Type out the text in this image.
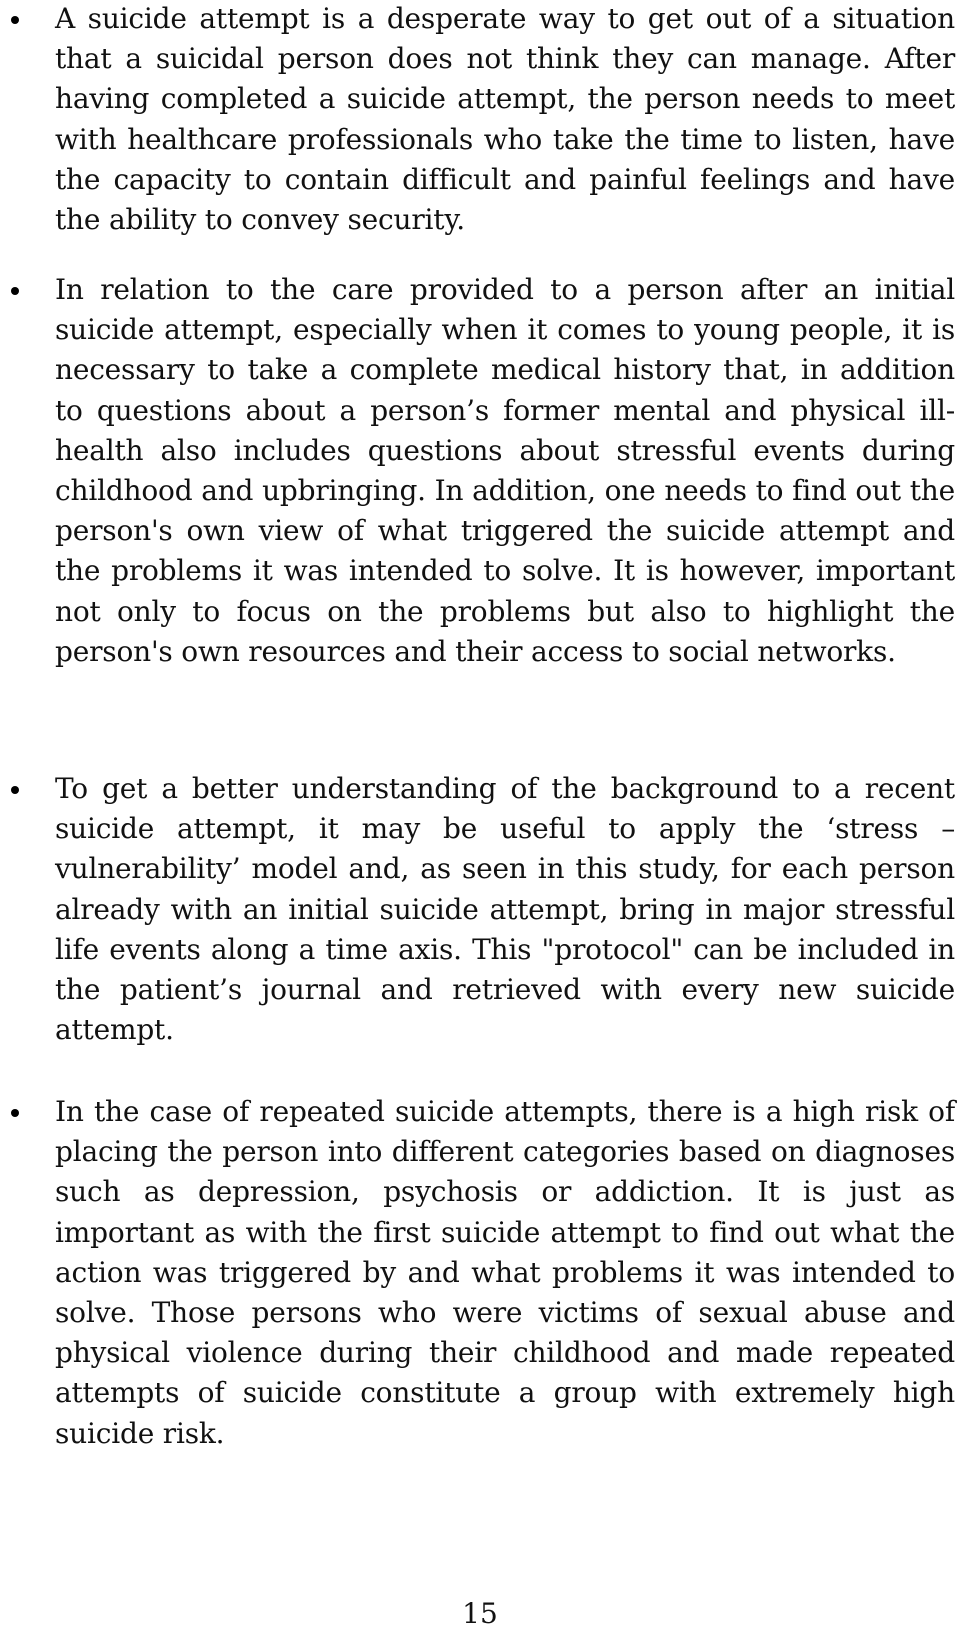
A suicide attempt is a desperate way to get out of a situation that a suicidal person does not think they can manage. After having completed a suicide attempt, the person needs to meet with healthcare professionals who take the time to listen, have the capacity to contain difficult and painful feelings and have the ability to convey security.

In relation to the care provided to a person after an initial suicide attempt, especially when it comes to young people, it is necessary to take a complete medical history that, in addition to questions about a person’s former mental and physical ill-health also includes questions about stressful events during childhood and upbringing. In addition, one needs to find out the person's own view of what triggered the suicide attempt and the problems it was intended to solve. It is however, important not only to focus on the problems but also to highlight the person's own resources and their access to social networks.

To get a better understanding of the background to a recent suicide attempt, it may be useful to apply the ‘stress – vulnerability’ model and, as seen in this study, for each person already with an initial suicide attempt, bring in major stressful life events along a time axis. This "protocol" can be included in the patient’s journal and retrieved with every new suicide attempt.

In the case of repeated suicide attempts, there is a high risk of placing the person into different categories based on diagnoses such as depression, psychosis or addiction. It is just as important as with the first suicide attempt to find out what the action was triggered by and what problems it was intended to solve. Those persons who were victims of sexual abuse and physical violence during their childhood and made repeated attempts of suicide constitute a group with extremely high suicide risk.

15
